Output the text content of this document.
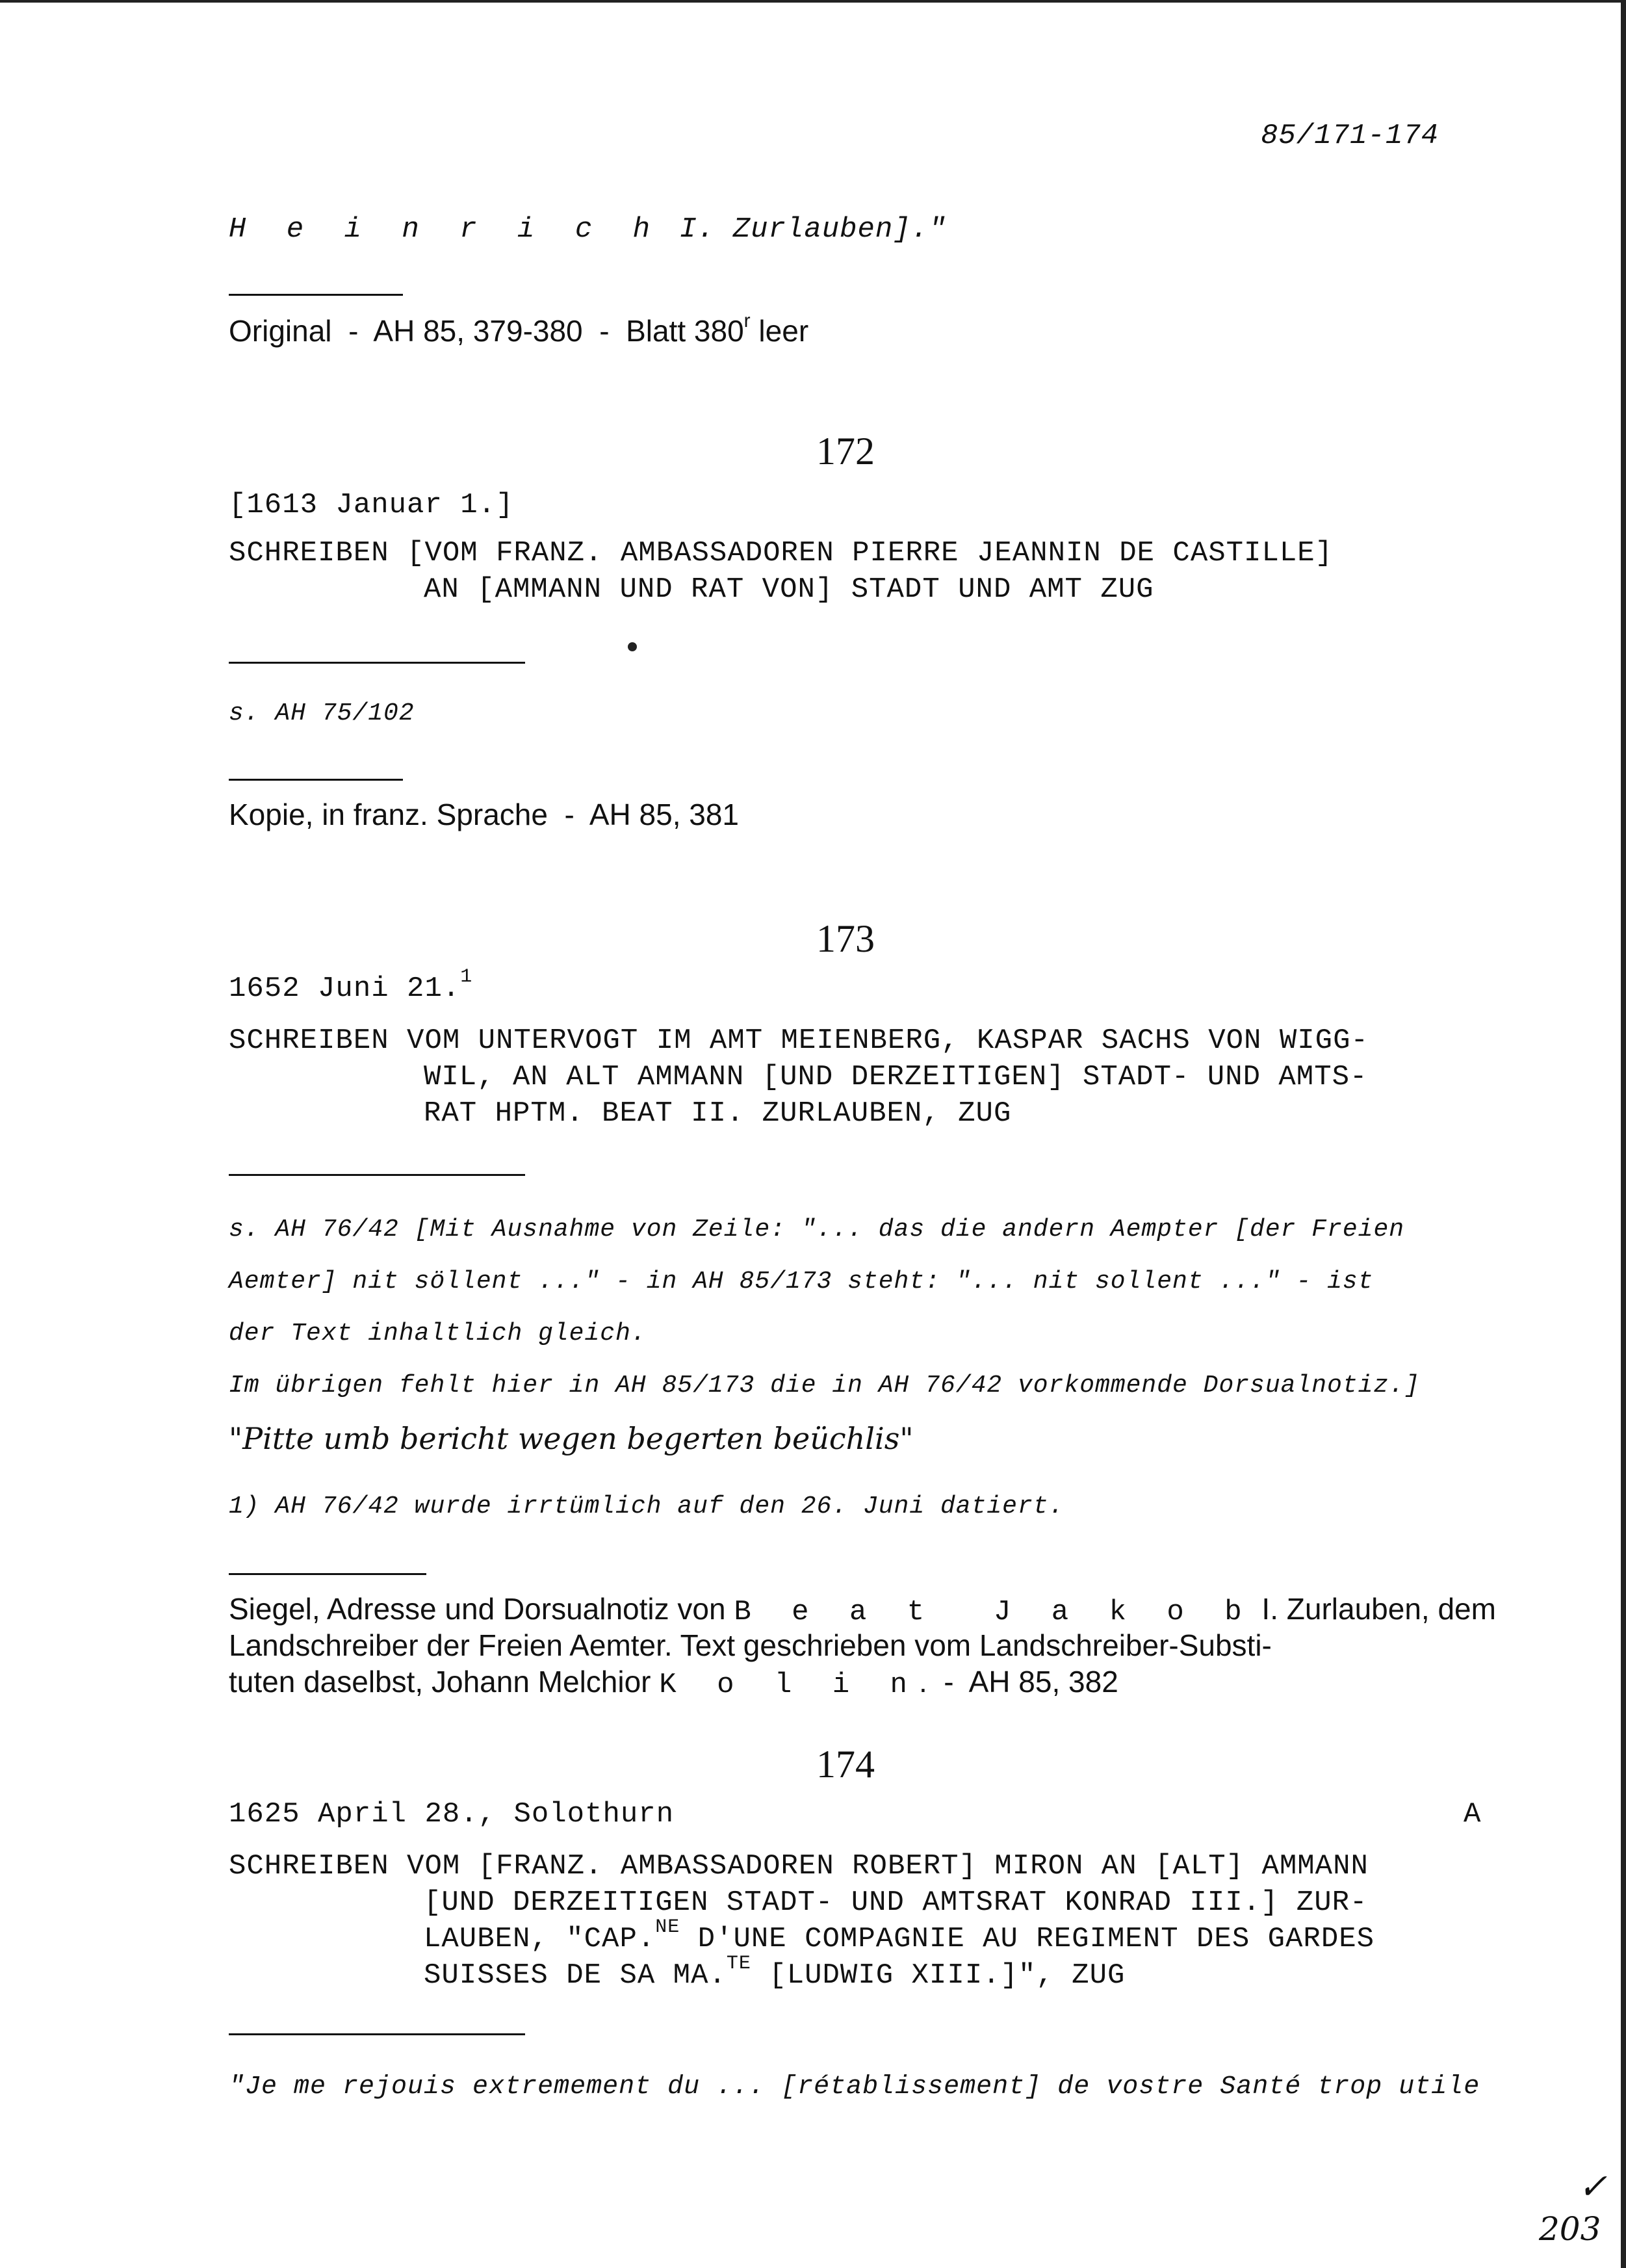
85/171-174
H e i n r i c h I. Zurlauben]."
Original  -  AH 85, 379-380  -  Blatt 380$^r$ leer
172
[1613 Januar 1.]
SCHREIBEN [VOM FRANZ. AMBASSADOREN PIERRE JEANNIN DE CASTILLE]
AN [AMMANN UND RAT VON] STADT UND AMT ZUG
s. AH 75/102
Kopie, in franz. Sprache  -  AH 85, 381
173
1652 Juni 21.$^1$
SCHREIBEN VOM UNTERVOGT IM AMT MEIENBERG, KASPAR SACHS VON WIGG-
WIL, AN ALT AMMANN [UND DERZEITIGEN] STADT- UND AMTS-
RAT HPTM. BEAT II. ZURLAUBEN, ZUG
s. AH 76/42 [Mit Ausnahme von Zeile: "... das die andern Aempter [der Freien
Aemter] nit söllent ..." - in AH 85/173 steht: "... nit sollent ..." - ist
der Text inhaltlich gleich.
Im übrigen fehlt hier in AH 85/173 die in AH 76/42 vorkommende Dorsualnotiz.]
"Pitte umb bericht wegen begerten beüchlis"
1) AH 76/42 wurde irrtümlich auf den 26. Juni datiert.
Siegel, Adresse und Dorsualnotiz von B e a t  J a k o b I. Zurlauben, dem
Landschreiber der Freien Aemter. Text geschrieben vom Landschreiber-Substi-
tuten daselbst, Johann Melchior K o l i n.  -  AH 85, 382
174
1625 April 28., Solothurn	A
SCHREIBEN VOM [FRANZ. AMBASSADOREN ROBERT] MIRON AN [ALT] AMMANN
[UND DERZEITIGEN STADT- UND AMTSRAT KONRAD III.] ZUR-
LAUBEN, "CAP.$^{NE}$ D'UNE COMPAGNIE AU REGIMENT DES GARDES
SUISSES DE SA MA.$^{TE}$ [LUDWIG XIII.]", ZUG
"Je me rejouis extremement du ... [rétablissement] de vostre Santé trop utile
✓
203
